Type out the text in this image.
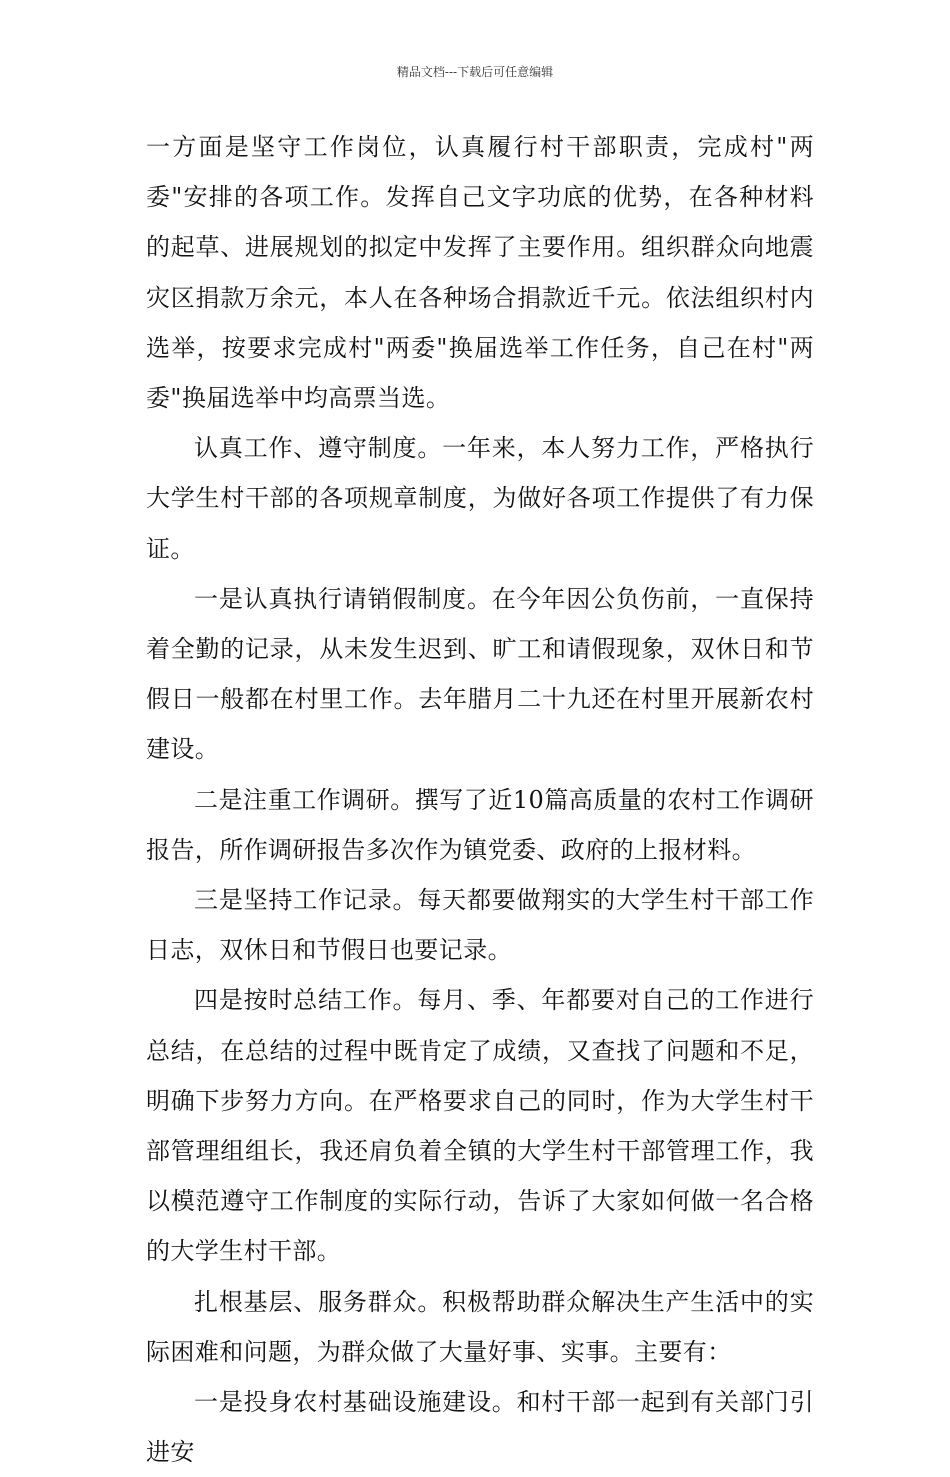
精品文档---下载后可任意编辑

一方面是坚守工作岗位，认真履行村干部职责，完成村"两委"安排的各项工作。发挥自己文字功底的优势，在各种材料的起草、进展规划的拟定中发挥了主要作用。组织群众向地震灾区捐款万余元，本人在各种场合捐款近千元。依法组织村内选举，按要求完成村"两委"换届选举工作任务，自己在村"两委"换届选举中均高票当选。

认真工作、遵守制度。一年来，本人努力工作，严格执行大学生村干部的各项规章制度，为做好各项工作提供了有力保证。

一是认真执行请销假制度。在今年因公负伤前，一直保持着全勤的记录，从未发生迟到、旷工和请假现象，双休日和节假日一般都在村里工作。去年腊月二十九还在村里开展新农村建设。

二是注重工作调研。撰写了近10篇高质量的农村工作调研报告，所作调研报告多次作为镇党委、政府的上报材料。

三是坚持工作记录。每天都要做翔实的大学生村干部工作日志，双休日和节假日也要记录。

四是按时总结工作。每月、季、年都要对自己的工作进行总结，在总结的过程中既肯定了成绩，又查找了问题和不足，明确下步努力方向。在严格要求自己的同时，作为大学生村干部管理组组长，我还肩负着全镇的大学生村干部管理工作，我以模范遵守工作制度的实际行动，告诉了大家如何做一名合格的大学生村干部。

扎根基层、服务群众。积极帮助群众解决生产生活中的实际困难和问题，为群众做了大量好事、实事。主要有：

一是投身农村基础设施建设。和村干部一起到有关部门引进安
